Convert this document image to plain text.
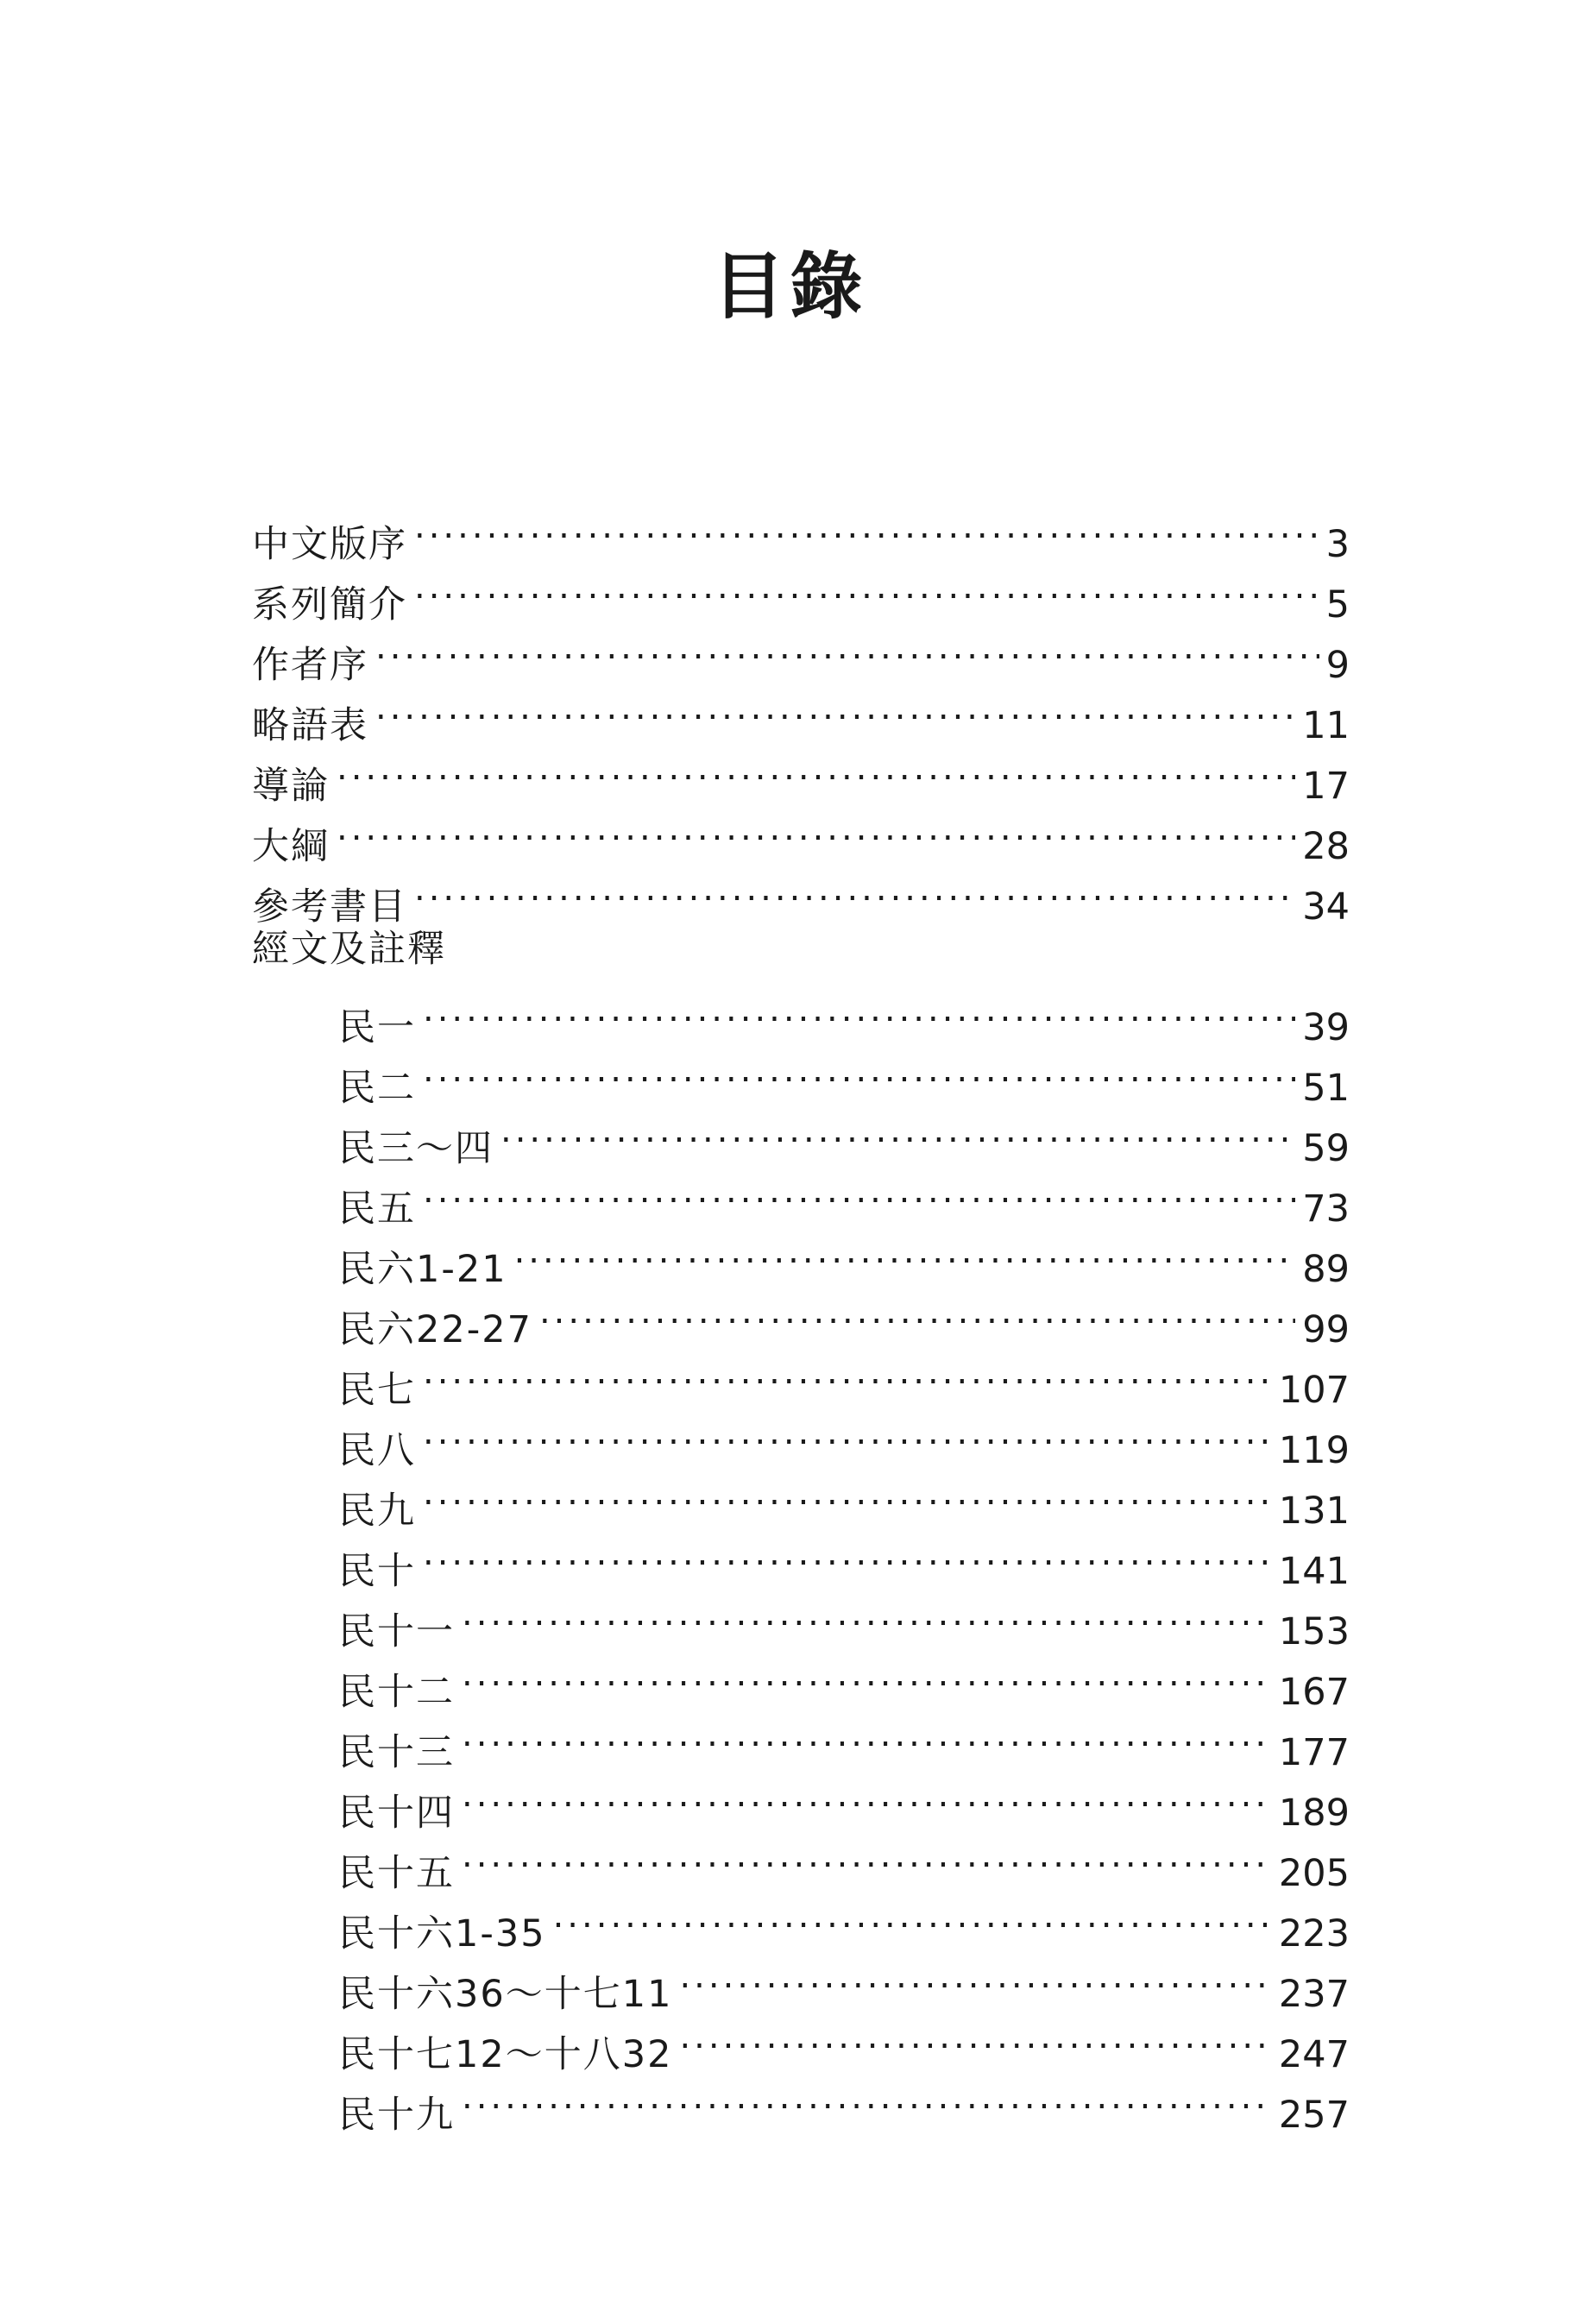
目錄
中文版序 .....	3
系列簡介 .....	5
作者序 .....	9
略語表 .....	11
導論 .....	17
大綱 .....	28
參考書目 .....	34
經文及註釋
民一 .....	39
民二 .....	51
民三～四 .....	59
民五 .....	73
民六1-21 .....	89
民六22-27 .....	99
民七 .....	107
民八 .....	119
民九 .....	131
民十 .....	141
民十一 .....	153
民十二 .....	167
民十三 .....	177
民十四 .....	189
民十五 .....	205
民十六1-35 .....	223
民十六36～十七11 .....	237
民十七12～十八32 .....	247
民十九 .....	257
